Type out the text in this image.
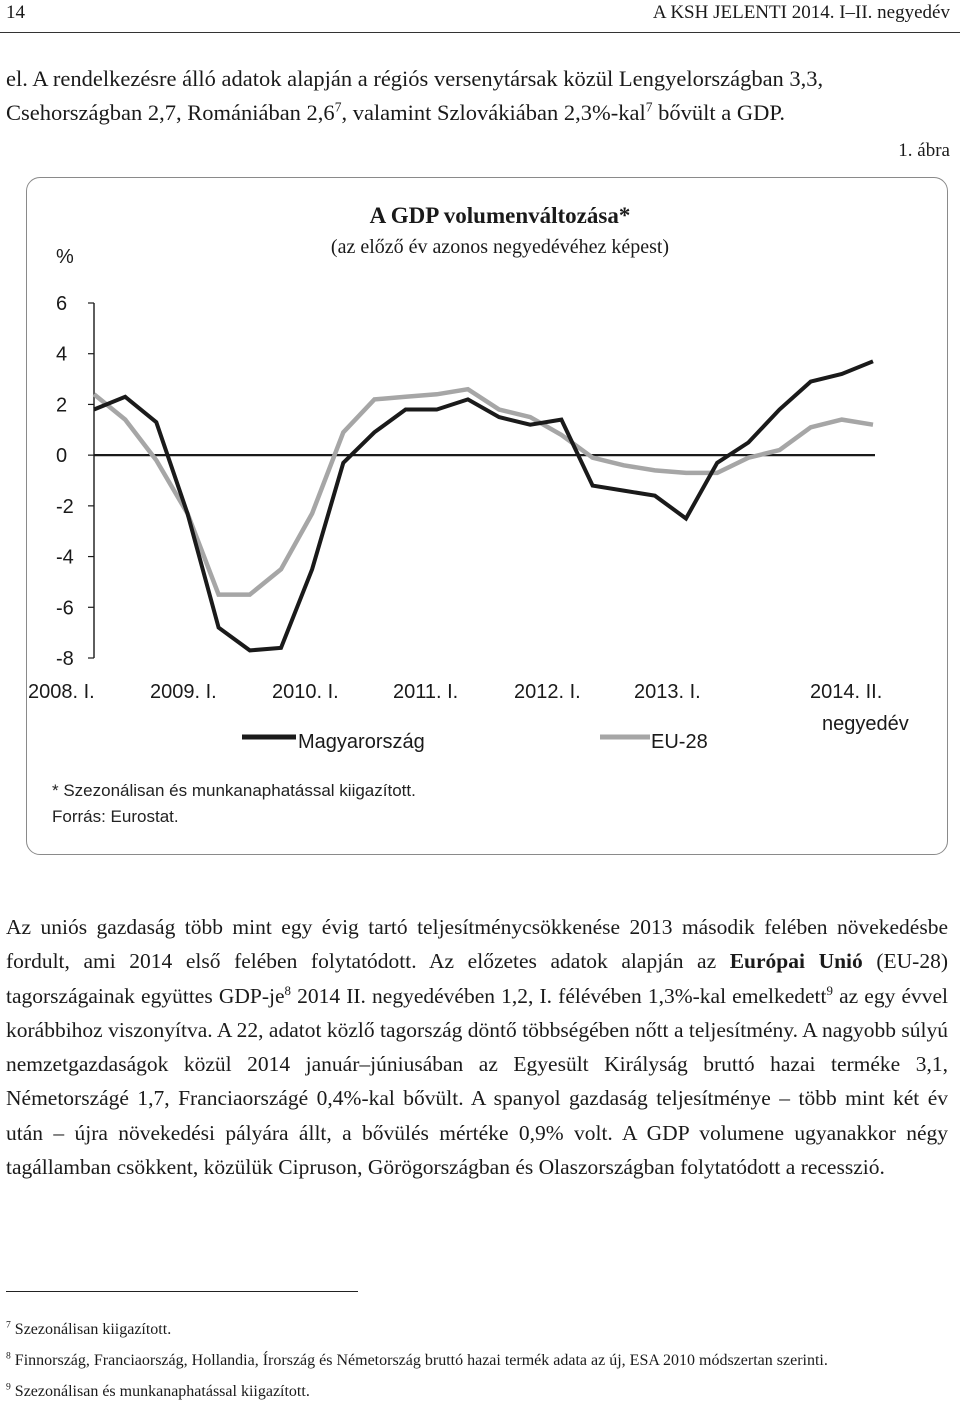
14	A KSH JELENTI 2014. I–II. negyedév

el. A rendelkezésre álló adatok alapján a régiós versenytársak közül Lengyelországban 3,3,

Csehországban 2,7, Romániában $2,6^7$, valamint Szlovákiában 2,3%-kal$^7$ bővült a GDP.

1. ábra
A GDP volumenváltozása*
(az előző év azonos negyedévéhez képest)
6
4
2
0
-2
-4
-6
-8
%
2008. I.	2009. I.	2010. I.	2011. I.	2012. I.	2013. I.	2014. II.
negyedév
Magyarország	EU-28
* Szezonálisan és munkanaphatással kiigazított.
Forrás: Eurostat.

Az uniós gazdaság több mint egy évig tartó teljesítménycsökkenése 2013 második felében növekedésbe fordult, ami 2014 első felében folytatódott. Az előzetes adatok alapján az Európai Unió (EU-28) tagországainak együttes GDP-$je^8$ 2014 II. negyedévében 1,2, I. félévében 1,3%-kal emelkedett$^9$ az egy évvel korábbihoz viszonyítva. A 22, adatot közlő tagország döntő többségében nőtt a teljesítmény. A nagyobb súlyú nemzetgazdaságok közül 2014 január–júniusában az Egyesült Királyság bruttó hazai terméke 3,1, Németországé 1,7, Franciaországé 0,4%-kal bővült. A spanyol gazdaság teljesítménye – több mint két év után – újra növekedési pályára állt, a bővülés mértéke 0,9% volt. A GDP volumene ugyanakkor négy tagállamban csökkent, közülük Cipruson, Görögországban és Olaszországban folytatódott a recesszió.

$^7$ Szezonálisan kiigazított.
$^8$ Finnország, Franciaország, Hollandia, Írország és Németország bruttó hazai termék adata az új, ESA 2010 módszertan szerinti.
$^9$ Szezonálisan és munkanaphatással kiigazított.
